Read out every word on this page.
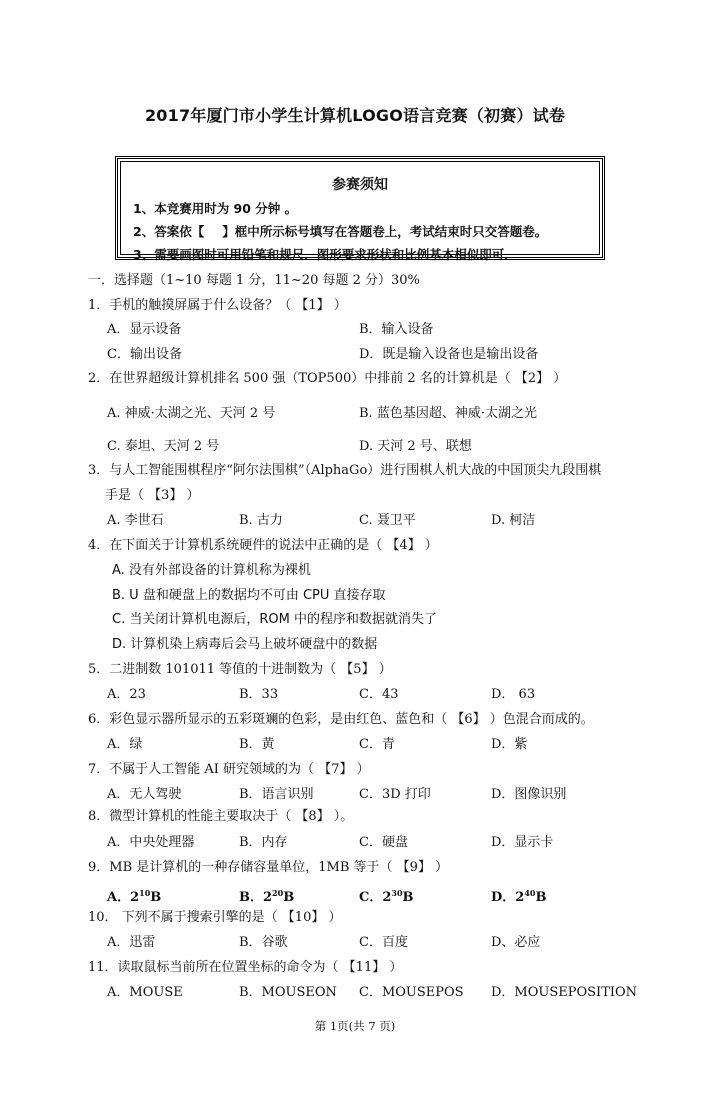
2017年厦门市小学生计算机LOGO语言竞赛（初赛）试卷
参赛须知
1、本竞赛用时为 90 分钟 。
2、答案依【 】框中所示标号填写在答题卷上，考试结束时只交答题卷。
3、需要画图时可用铅笔和规尺．图形要求形状和比例基本相似即可．
一．选择题（1~10 每题 1 分，11~20 每题 2 分）30%
1．手机的触摸屏属于什么设备？（ 【1】 ）
A．显示设备	B．输入设备
C．输出设备	D．既是输入设备也是输出设备
2．在世界超级计算机排名 500 强（TOP500）中排前 2 名的计算机是（ 【2】 ）
A. 神威·太湖之光、天河 2 号	B. 蓝色基因超、神威·太湖之光
C. 泰坦、天河 2 号	D. 天河 2 号、联想
3．与人工智能围棋程序“阿尔法围棋”（AlphaGo）进行围棋人机大战的中国顶尖九段围棋
手是（ 【3】 ）
A. 李世石	B. 古力	C. 聂卫平	D. 柯洁
4．在下面关于计算机系统硬件的说法中正确的是（ 【4】 ）
A. 没有外部设备的计算机称为裸机
B. U 盘和硬盘上的数据均不可由 CPU 直接存取
C. 当关闭计算机电源后，ROM 中的程序和数据就消失了
D. 计算机染上病毒后会马上破坏硬盘中的数据
5．二进制数 101011 等值的十进制数为（ 【5】 ）
A．23	B．33	C．43	D． 63
6．彩色显示器所显示的五彩斑斓的色彩，是由红色、蓝色和（ 【6】 ）色混合而成的。
A．绿	B．黄	C．青	D．紫
7．不属于人工智能 AI 研究领域的为（ 【7】 ）
A．无人驾驶	B．语言识别	C．3D 打印	D．图像识别
8．微型计算机的性能主要取决于（ 【8】 ）。
A．中央处理器	B．内存	C．硬盘	D．显示卡
9．MB 是计算机的一种存储容量单位，1MB 等于（ 【9】 ）
A．$2^{10}B$	B．$2^{20}B$	C．$2^{30}B$	D．$2^{40}B$
10． 下列不属于搜索引擎的是（ 【10】 ）
A．迅雷	B．谷歌	C．百度	D、必应
11．读取鼠标当前所在位置坐标的命令为（ 【11】 ）
A．MOUSE	B．MOUSEON C．MOUSEPOS D．MOUSEPOSITION
第 1页(共 7 页)
